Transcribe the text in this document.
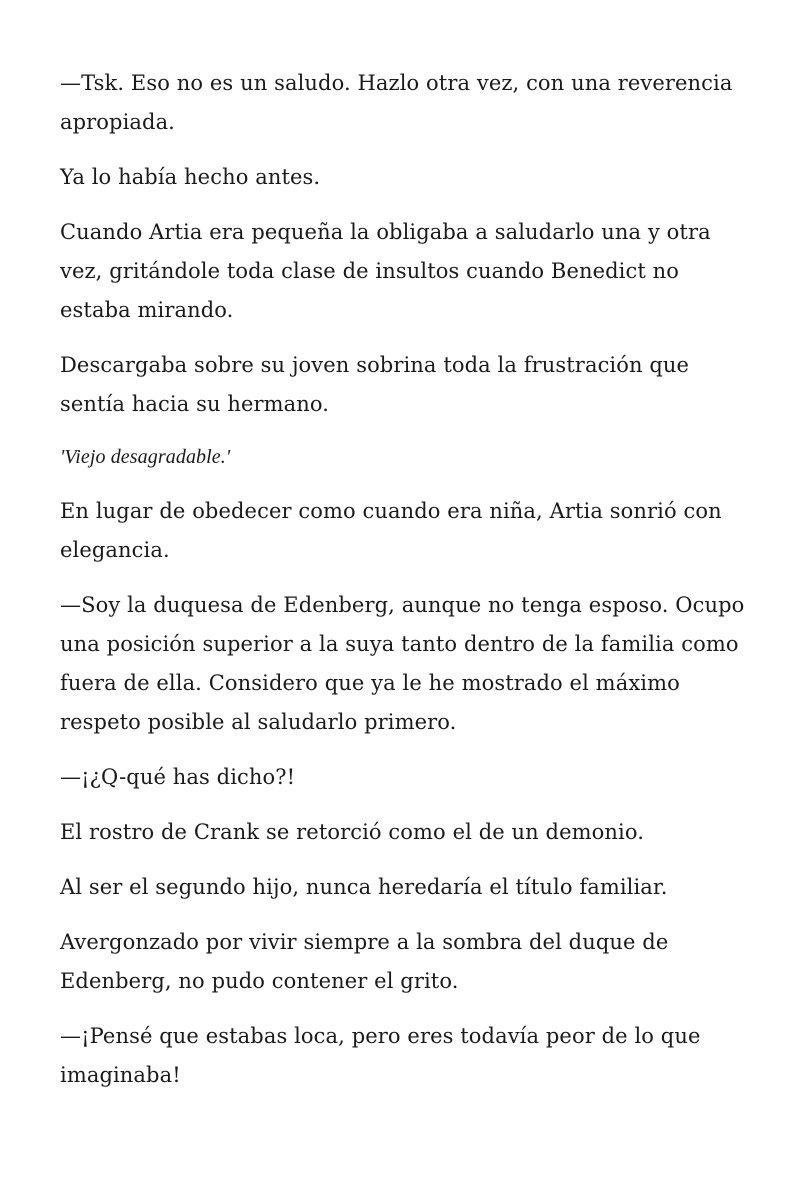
—Tsk. Eso no es un saludo. Hazlo otra vez, con una reverencia apropiada.

Ya lo había hecho antes.

Cuando Artia era pequeña la obligaba a saludarlo una y otra vez, gritándole toda clase de insultos cuando Benedict no estaba mirando.

Descargaba sobre su joven sobrina toda la frustración que sentía hacia su hermano.

'Viejo desagradable.'

En lugar de obedecer como cuando era niña, Artia sonrió con elegancia.

—Soy la duquesa de Edenberg, aunque no tenga esposo. Ocupo una posición superior a la suya tanto dentro de la familia como fuera de ella. Considero que ya le he mostrado el máximo respeto posible al saludarlo primero.

—¡¿Q-qué has dicho?!

El rostro de Crank se retorció como el de un demonio.

Al ser el segundo hijo, nunca heredaría el título familiar.

Avergonzado por vivir siempre a la sombra del duque de Edenberg, no pudo contener el grito.

—¡Pensé que estabas loca, pero eres todavía peor de lo que imaginaba!
